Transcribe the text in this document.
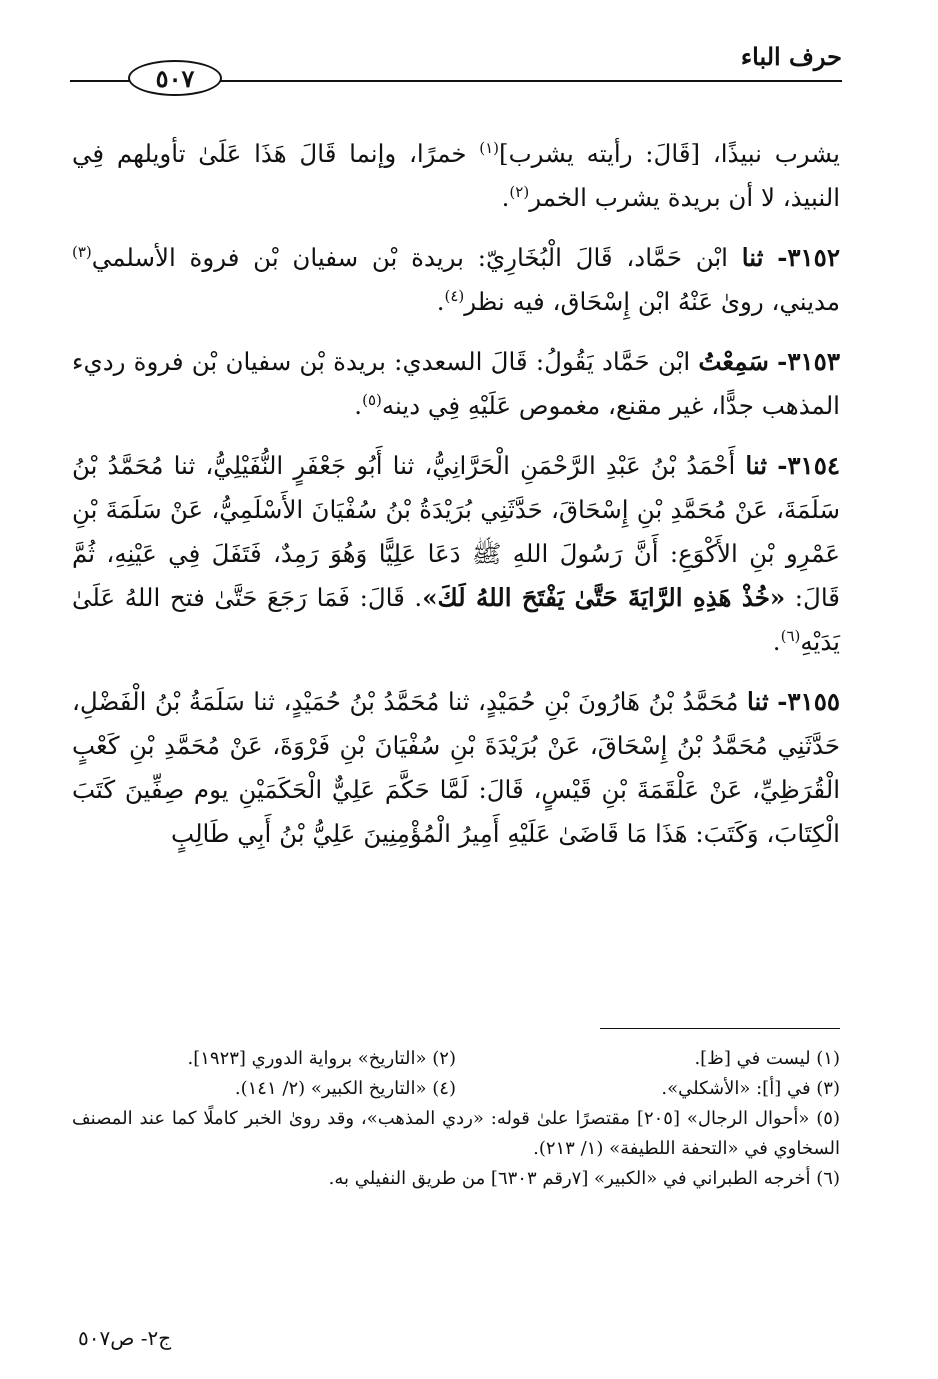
حرف الباء
٥٠٧

يشرب نبيذًا، [قَالَ: رأيته يشرب]$^{(١)}$ خمرًا، وإنما قَالَ هَذَا عَلَىٰ تأويلهم فِي النبيذ، لا أن بريدة يشرب الخمر$^{(٢)}$.

٣١٥٢- ثنا ابْن حَمَّاد، قَالَ الْبُخَارِيّ: بريدة بْن سفيان بْن فروة الأسلمي$^{(٣)}$ مديني، روىٰ عَنْهُ ابْن إِسْحَاق، فيه نظر$^{(٤)}$.

٣١٥٣- سَمِعْتُ ابْن حَمَّاد يَقُولُ: قَالَ السعدي: بريدة بْن سفيان بْن فروة رديء المذهب جدًّا، غير مقنع، مغموص عَلَيْهِ فِي دينه$^{(٥)}$.

٣١٥٤- ثنا أَحْمَدُ بْنُ عَبْدِ الرَّحْمَنِ الْحَرَّانِيُّ، ثنا أَبُو جَعْفَرٍ النُّفَيْلِيُّ، ثنا مُحَمَّدُ بْنُ سَلَمَةَ، عَنْ مُحَمَّدِ بْنِ إِسْحَاقَ، حَدَّثَنِي بُرَيْدَةُ بْنُ سُفْيَانَ الأَسْلَمِيُّ، عَنْ سَلَمَةَ بْنِ عَمْرِو بْنِ الأَكْوَعِ: أَنَّ رَسُولَ اللهِ ﷺ دَعَا عَلِيًّا وَهُوَ رَمِدٌ، فَتَفَلَ فِي عَيْنِهِ، ثُمَّ قَالَ: «خُذْ هَذِهِ الرَّايَةَ حَتَّىٰ يَفْتَحَ اللهُ لَكَ». قَالَ: فَمَا رَجَعَ حَتَّىٰ فتح اللهُ عَلَىٰ يَدَيْهِ$^{(٦)}$.

٣١٥٥- ثنا مُحَمَّدُ بْنُ هَارُونَ بْنِ حُمَيْدٍ، ثنا مُحَمَّدُ بْنُ حُمَيْدٍ، ثنا سَلَمَةُ بْنُ الْفَضْلِ، حَدَّثَنِي مُحَمَّدُ بْنُ إِسْحَاقَ، عَنْ بُرَيْدَةَ بْنِ سُفْيَانَ بْنِ فَرْوَةَ، عَنْ مُحَمَّدِ بْنِ كَعْبٍ الْقُرَظِيِّ، عَنْ عَلْقَمَةَ بْنِ قَيْسٍ، قَالَ: لَمَّا حَكَّمَ عَلِيٌّ الْحَكَمَيْنِ يوم صِفِّينَ كَتَبَ الْكِتَابَ، وَكَتَبَ: هَذَا مَا قَاضَىٰ عَلَيْهِ أَمِيرُ الْمُؤْمِنِينَ عَلِيُّ بْنُ أَبِي طَالِبٍ

(١) ليست في [ظ].
(٢) «التاريخ» برواية الدوري [١٩٢٣].
(٣) في [أ]: «الأشكلي».
(٤) «التاريخ الكبير» (٢/ ١٤١).
(٥) «أحوال الرجال» [٢٠٥] مقتصرًا علىٰ قوله: «ردي المذهب»، وقد روىٰ الخبر كاملًا كما عند المصنف السخاوي في «التحفة اللطيفة» (١/ ٢١٣).
(٦) أخرجه الطبراني في «الكبير» [٧رقم ٦٣٠٣] من طريق النفيلي به.
ج٢- ص٥٠٧
